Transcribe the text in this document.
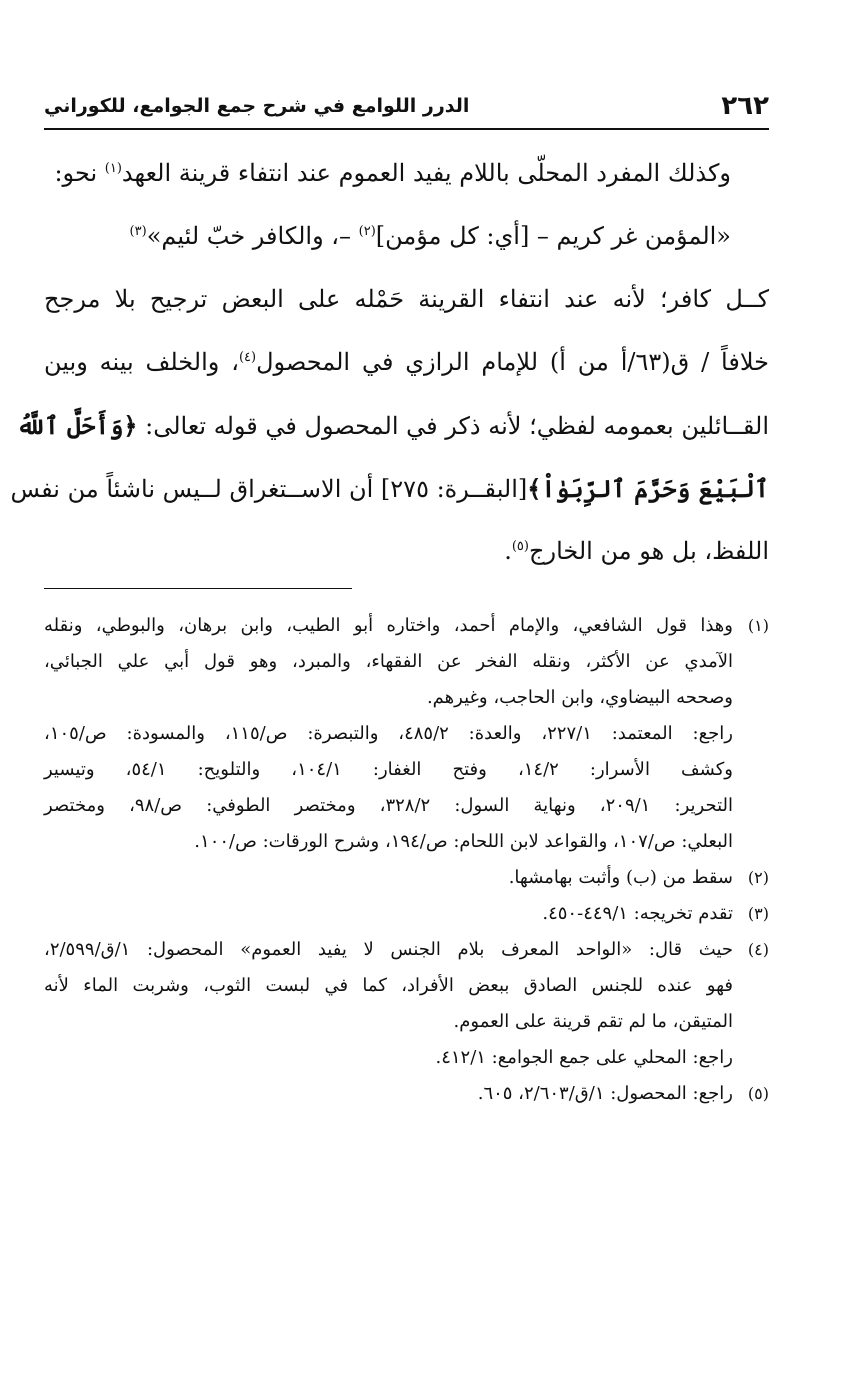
٢٦٢
الدرر اللوامع في شرح جمع الجوامع، للكوراني
وكذلك المفرد المحلّى باللام يفيد العموم عند انتفاء قرينة العهد$^{(١)}$ نحو:
«المؤمن غر كريم – [أي: كل مؤمن]$^{(٢)}$ –، والكافر خبّ لئيم»$^{(٣)}$
كــل كافر؛ لأنه عند انتفاء القرينة حَمْله على البعض ترجيح بلا مرجح
خلافاً / ق(٦٣/أ من أ) للإمام الرازي في المحصول$^{(٤)}$، والخلف بينه وبين
القــائلين بعمومه لفظي؛ لأنه ذكر في المحصول في قوله تعالى: ﴿وَأَحَلَّ ٱللَّهُ
ٱلْبَيْعَ وَحَرَّمَ ٱلرِّبَوٰاْ﴾[البقــرة: ٢٧٥] أن الاســتغراق لــيس ناشئاً من نفس
اللفظ، بل هو من الخارج$^{(٥)}$.
(١)وهذا قول الشافعي، والإمام أحمد، واختاره أبو الطيب، وابن برهان، والبوطي، ونقله
الآمدي عن الأكثر، ونقله الفخر عن الفقهاء، والمبرد، وهو قول أبي علي الجبائي،
وصححه البيضاوي، وابن الحاجب، وغيرهم.
راجع: المعتمد: ٢٢٧/١، والعدة: ٤٨٥/٢، والتبصرة: ص/١١٥، والمسودة: ص/١٠٥،
وكشف الأسرار: ١٤/٢، وفتح الغفار: ١٠٤/١، والتلويح: ٥٤/١، وتيسير
التحرير: ٢٠٩/١، ونهاية السول: ٣٢٨/٢، ومختصر الطوفي: ص/٩٨، ومختصر
البعلي: ص/١٠٧، والقواعد لابن اللحام: ص/١٩٤، وشرح الورقات: ص/١٠٠.
(٢)سقط من (ب) وأثبت بهامشها.
(٣)تقدم تخريجه: ٤٤٩/١-٤٥٠.
(٤)حيث قال: «الواحد المعرف بلام الجنس لا يفيد العموم» المحصول: ١/ق/٢/٥٩٩،
فهو عنده للجنس الصادق ببعض الأفراد، كما في لبست الثوب، وشربت الماء لأنه
المتيقن، ما لم تقم قرينة على العموم.
راجع: المحلي على جمع الجوامع: ٤١٢/١.
(٥)راجع: المحصول: ١/ق/٢/٦٠٣، ٦٠٥.
